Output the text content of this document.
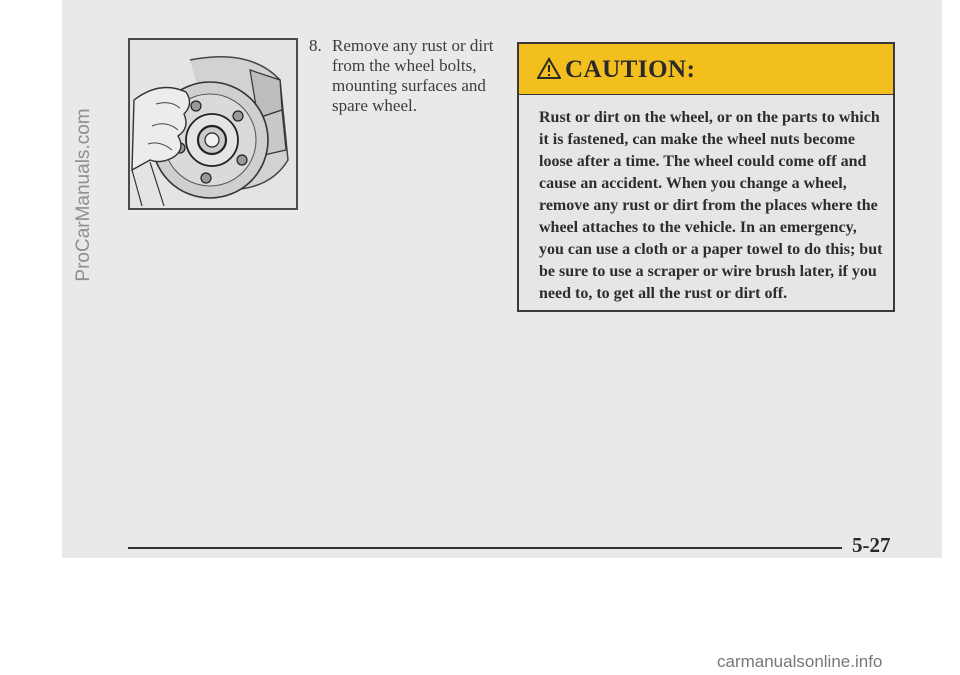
ProCarManuals.com
8. Remove any rust or dirt from the wheel bolts, mounting surfaces and spare wheel.
CAUTION:
Rust or dirt on the wheel, or on the parts to which it is fastened, can make the wheel nuts become loose after a time. The wheel could come off and cause an accident. When you change a wheel, remove any rust or dirt from the places where the wheel attaches to the vehicle. In an emergency, you can use a cloth or a paper towel to do this; but be sure to use a scraper or wire brush later, if you need to, to get all the rust or dirt off.
5-27
carmanualsonline.info
